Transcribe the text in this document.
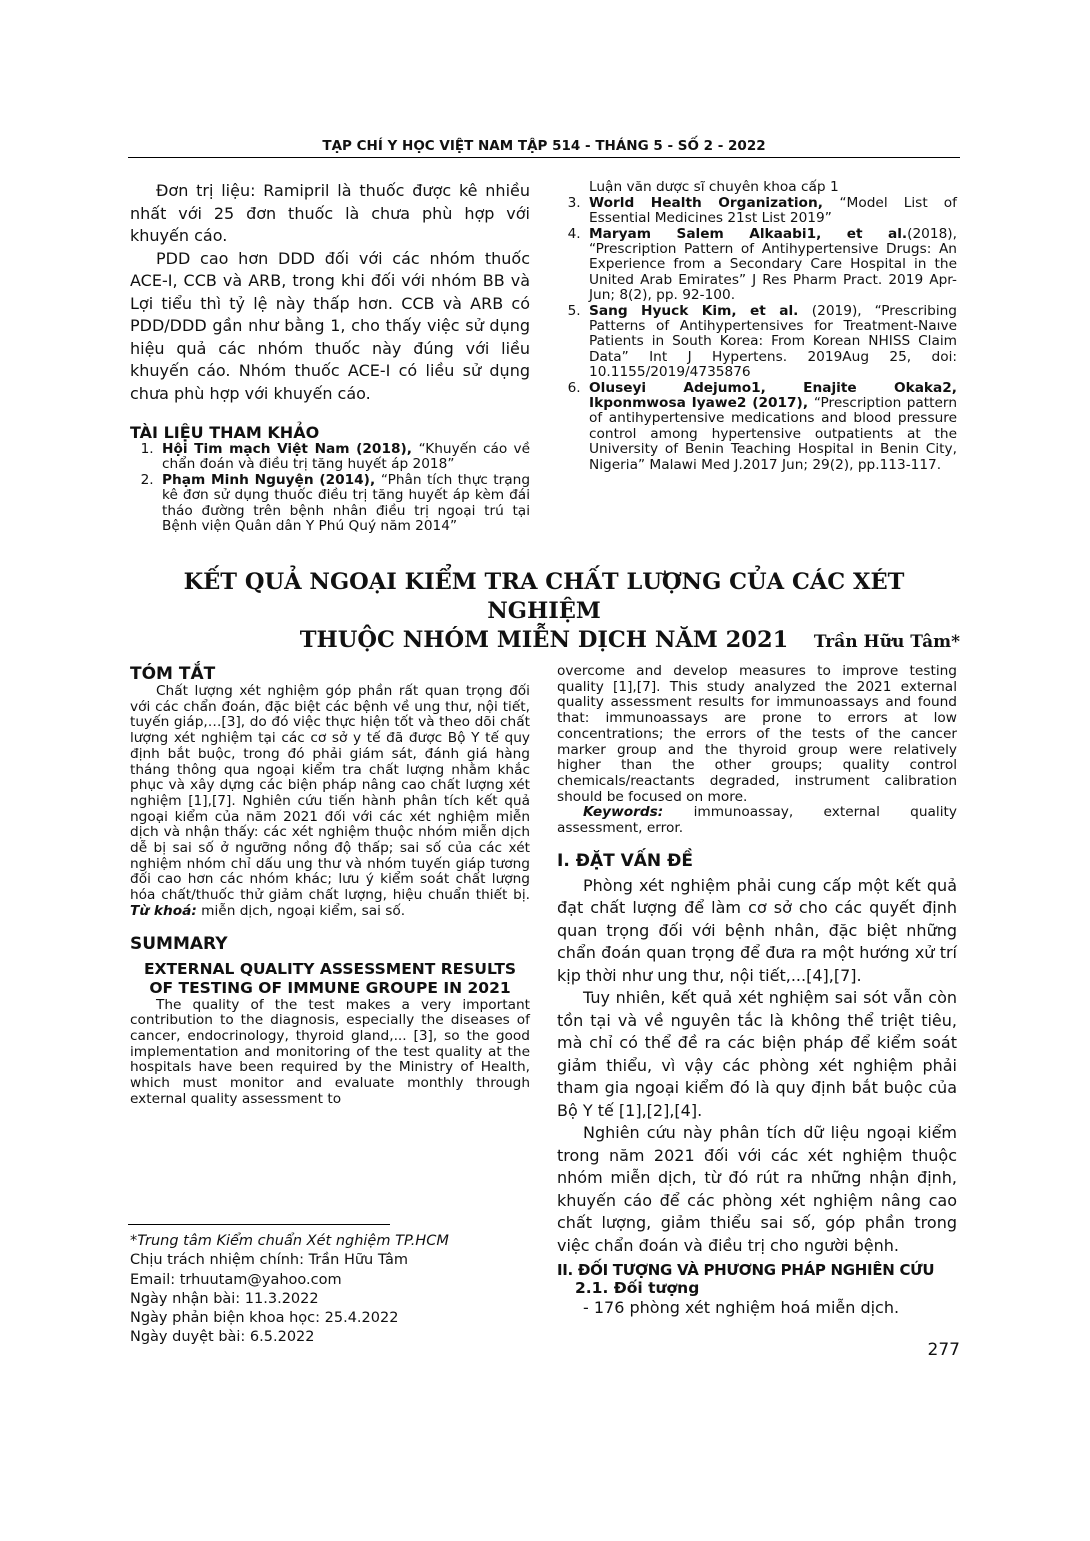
TẠP CHÍ Y HỌC VIỆT NAM TẬP 514 - THÁNG 5 - SỐ 2 - 2022

Đơn trị liệu: Ramipril là thuốc được kê nhiều nhất với 25 đơn thuốc là chưa phù hợp với khuyến cáo.

PDD cao hơn DDD đối với các nhóm thuốc ACE-I, CCB và ARB, trong khi đối với nhóm BB và Lợi tiểu thì tỷ lệ này thấp hơn. CCB và ARB có PDD/DDD gần như bằng 1, cho thấy việc sử dụng hiệu quả các nhóm thuốc này đúng với liều khuyến cáo. Nhóm thuốc ACE-I có liều sử dụng chưa phù hợp với khuyến cáo.

TÀI LIỆU THAM KHẢO
1. Hội Tim mạch Việt Nam (2018), “Khuyến cáo về chẩn đoán và điều trị tăng huyết áp 2018”
2. Phạm Minh Nguyện (2014), “Phân tích thực trạng kê đơn sử dụng thuốc điều trị tăng huyết áp kèm đái tháo đường trên bệnh nhân điều trị ngoại trú tại Bệnh viện Quân dân Y Phú Quý năm 2014”
Luận văn dược sĩ chuyên khoa cấp 1
3. World Health Organization, “Model List of Essential Medicines 21st List 2019”
4. Maryam Salem Alkaabi1, et al.(2018), “Prescription Pattern of Antihypertensive Drugs: An Experience from a Secondary Care Hospital in the United Arab Emirates” J Res Pharm Pract. 2019 Apr-Jun; 8(2), pp. 92-100.
5. Sang Hyuck Kim, et al. (2019), “Prescribing Patterns of Antihypertensives for Treatment-Naıve Patients in South Korea: From Korean NHISS Claim Data” Int J Hypertens. 2019Aug 25, doi: 10.1155/2019/4735876
6. Oluseyi Adejumo1, Enajite Okaka2, Ikponmwosa Iyawe2 (2017), “Prescription pattern of antihypertensive medications and blood pressure control among hypertensive outpatients at the University of Benin Teaching Hospital in Benin City, Nigeria” Malawi Med J.2017 Jun; 29(2), pp.113-117.
KẾT QUẢ NGOẠI KIỂM TRA CHẤT LƯỢNG CỦA CÁC XÉT NGHIỆM
THUỘC NHÓM MIỄN DỊCH NĂM 2021	Trần Hữu Tâm*
TÓM TẮT

Chất lượng xét nghiệm góp phần rất quan trọng đối với các chẩn đoán, đặc biệt các bệnh về ung thư, nội tiết, tuyến giáp,…[3], do đó việc thực hiện tốt và theo dõi chất lượng xét nghiệm tại các cơ sở y tế đã được Bộ Y tế quy định bắt buộc, trong đó phải giám sát, đánh giá hàng tháng thông qua ngoại kiểm tra chất lượng nhằm khắc phục và xây dựng các biện pháp nâng cao chất lượng xét nghiệm [1],[7]. Nghiên cứu tiến hành phân tích kết quả ngoại kiểm của năm 2021 đối với các xét nghiệm miễn dịch và nhận thấy: các xét nghiệm thuộc nhóm miễn dịch dễ bị sai số ở ngưỡng nồng độ thấp; sai số của các xét nghiệm nhóm chỉ dấu ung thư và nhóm tuyến giáp tương đối cao hơn các nhóm khác; lưu ý kiểm soát chất lượng hóa chất/thuốc thử giảm chất lượng, hiệu chuẩn thiết bị. Từ khoá: miễn dịch, ngoại kiểm, sai số.

SUMMARY
EXTERNAL QUALITY ASSESSMENT RESULTS OF TESTING OF IMMUNE GROUPE IN 2021

The quality of the test makes a very important contribution to the diagnosis, especially the diseases of cancer, endocrinology, thyroid gland,... [3], so the good implementation and monitoring of the test quality at the hospitals have been required by the Ministry of Health, which must monitor and evaluate monthly through external quality assessment to

*Trung tâm Kiểm chuẩn Xét nghiệm TP.HCM
Chịu trách nhiệm chính: Trần Hữu Tâm
Email: trhuutam@yahoo.com
Ngày nhận bài: 11.3.2022
Ngày phản biện khoa học: 25.4.2022
Ngày duyệt bài: 6.5.2022

overcome and develop measures to improve testing quality [1],[7]. This study analyzed the 2021 external quality assessment results for immunoassays and found that: immunoassays are prone to errors at low concentrations; the errors of the tests of the cancer marker group and the thyroid group were relatively higher than the other groups; quality control chemicals/reactants degraded, instrument calibration should be focused on more.

Keywords: immunoassay, external quality assessment, error.

I. ĐẶT VẤN ĐỀ

Phòng xét nghiệm phải cung cấp một kết quả đạt chất lượng để làm cơ sở cho các quyết định quan trọng đối với bệnh nhân, đặc biệt những chẩn đoán quan trọng để đưa ra một hướng xử trí kịp thời như ung thư, nội tiết,...[4],[7].

Tuy nhiên, kết quả xét nghiệm sai sót vẫn còn tồn tại và về nguyên tắc là không thể triệt tiêu, mà chỉ có thể đề ra các biện pháp để kiểm soát giảm thiểu, vì vậy các phòng xét nghiệm phải tham gia ngoại kiểm đó là quy định bắt buộc của Bộ Y tế [1],[2],[4].

Nghiên cứu này phân tích dữ liệu ngoại kiểm trong năm 2021 đối với các xét nghiệm thuộc nhóm miễn dịch, từ đó rút ra những nhận định, khuyến cáo để các phòng xét nghiệm nâng cao chất lượng, giảm thiểu sai số, góp phần trong việc chẩn đoán và điều trị cho người bệnh.

II. ĐỐI TƯỢNG VÀ PHƯƠNG PHÁP NGHIÊN CỨU
2.1. Đối tượng

- 176 phòng xét nghiệm hoá miễn dịch.

277
